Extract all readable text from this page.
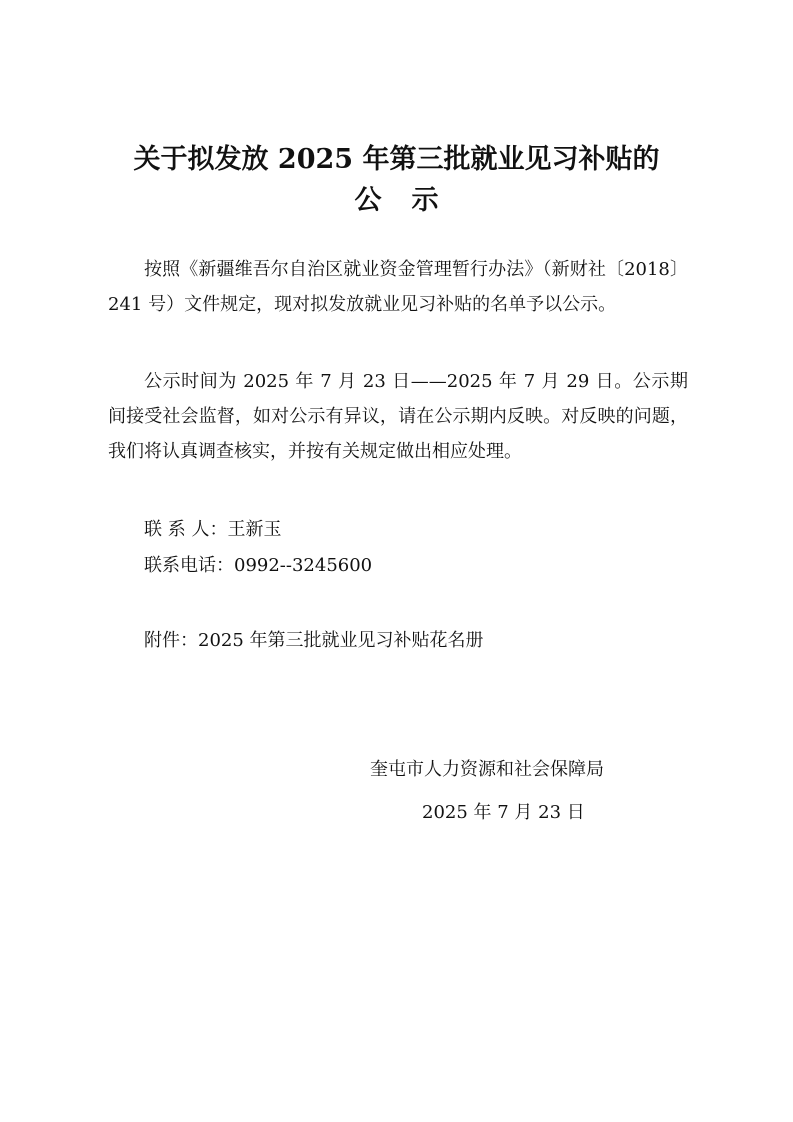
关于拟发放 2025 年第三批就业见习补贴的
公示

按照《新疆维吾尔自治区就业资金管理暂行办法》（新财社〔2018〕241 号）文件规定，现对拟发放就业见习补贴的名单予以公示。

公示时间为 2025 年 7 月 23 日——2025 年 7 月 29 日。公示期间接受社会监督，如对公示有异议，请在公示期内反映。对反映的问题，我们将认真调查核实，并按有关规定做出相应处理。

联 系 人：王新玉
联系电话：0992--3245600
附件：2025 年第三批就业见习补贴花名册
奎屯市人力资源和社会保障局
2025 年 7 月 23 日
